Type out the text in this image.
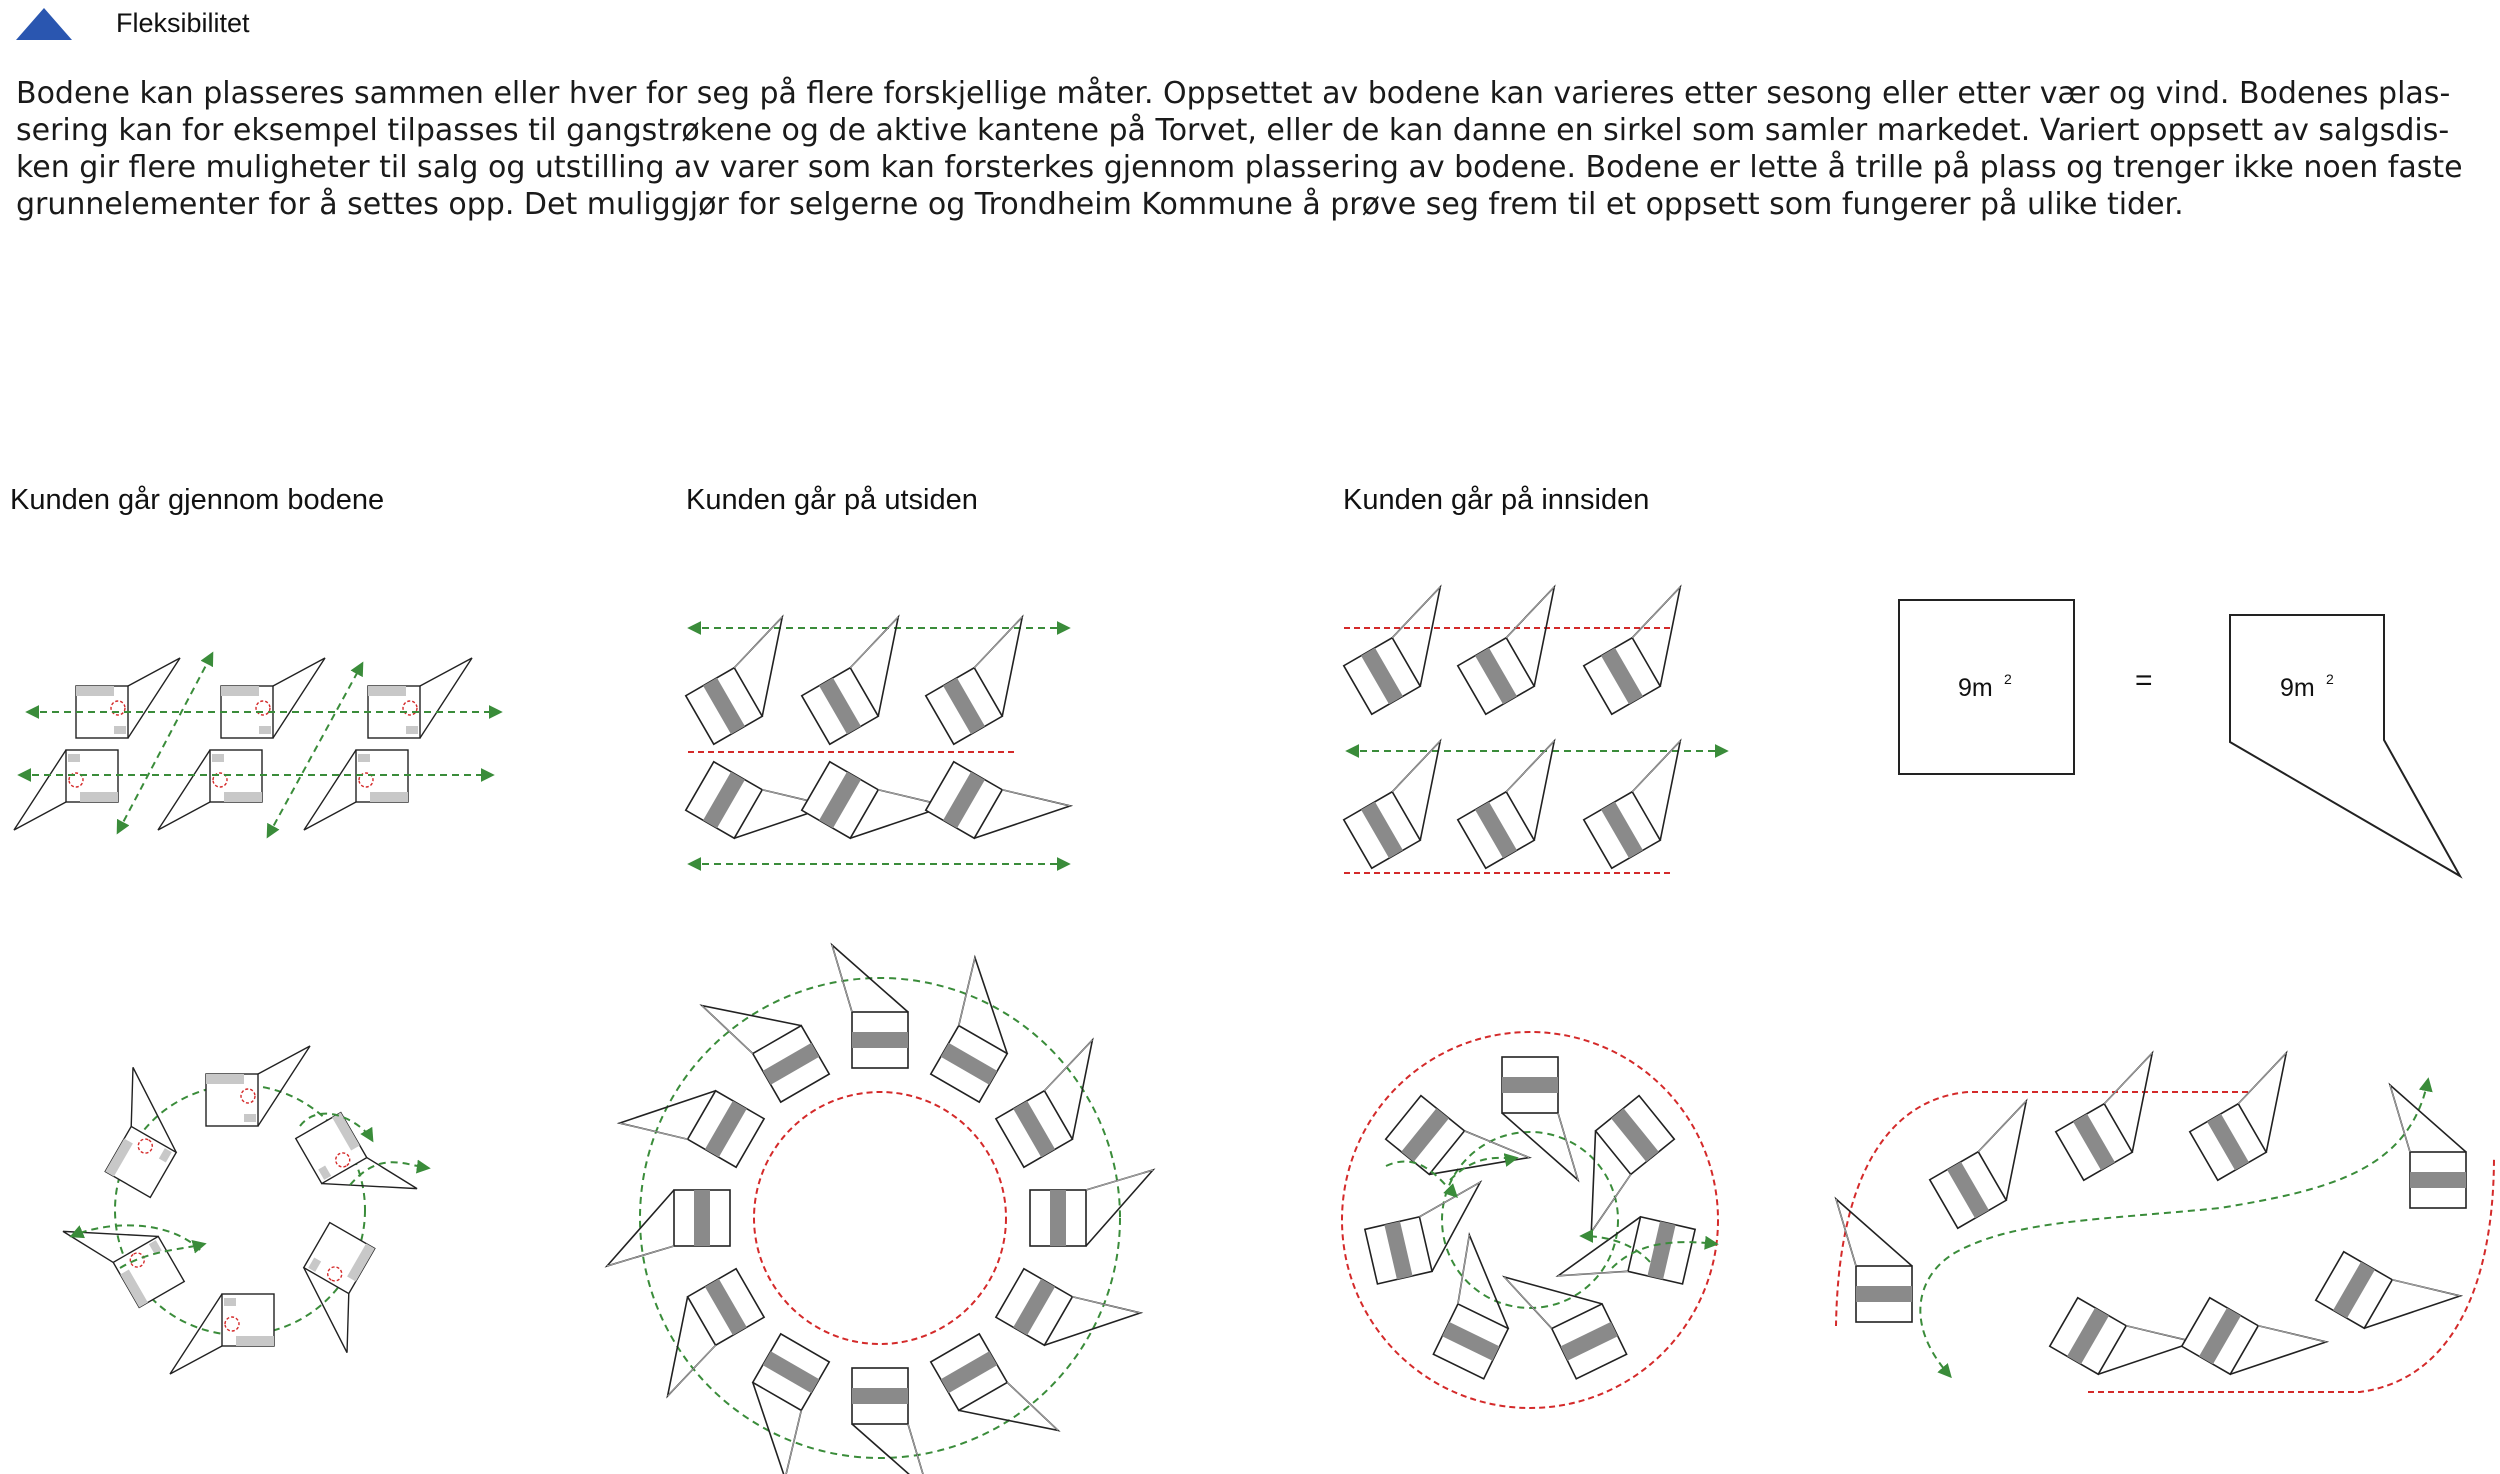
Fleksibilitet
Bodene kan plasseres sammen eller hver for seg på flere forskjellige måter. Oppsettet av bodene kan varieres etter sesong eller etter vær og vind. Bodenes plas-
sering kan for eksempel tilpasses til gangstrøkene og de aktive kantene på Torvet, eller de kan danne en sirkel som samler markedet. Variert oppsett av salgsdis-
ken gir flere muligheter til salg og utstilling av varer som kan forsterkes gjennom plassering av bodene. Bodene er lette å trille på plass og trenger ikke noen faste
grunnelementer for å settes opp. Det muliggjør for selgerne og Trondheim Kommune å prøve seg frem til et oppsett som fungerer på ulike tider.
Kunden går gjennom bodene	Kunden går på utsiden	Kunden går på innsiden
9m 2	=	9m 2
